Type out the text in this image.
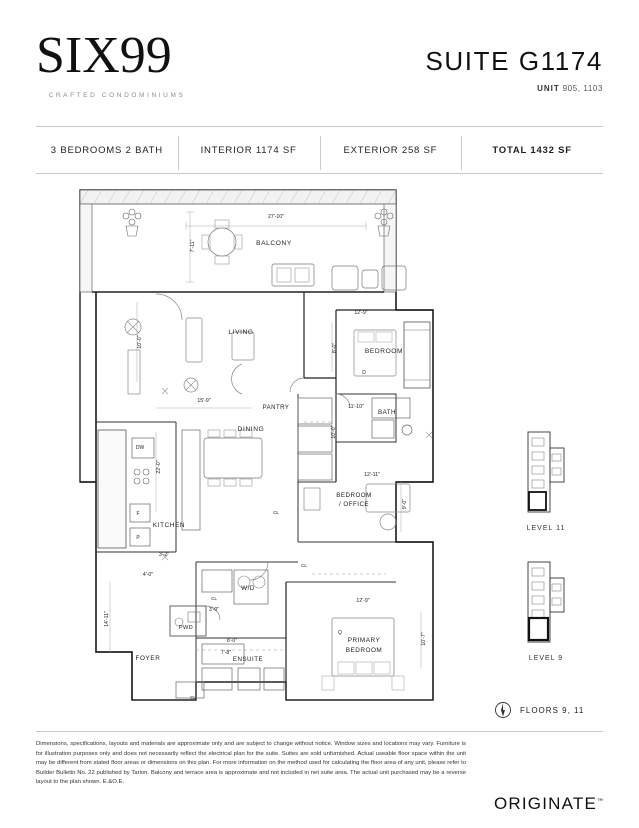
SIX99
CRAFTED CONDOMINIUMS
SUITE G1174
UNIT 905, 1103
3 BEDROOMS 2 BATH	INTERIOR 1174 SF	EXTERIOR 258 SF	TOTAL 1432 SF
BALCONY
LIVING
BEDROOM
PANTRY
DINING
BATH
KITCHEN
BEDROOM
/ OFFICE
W/D
PWD
ENSUITE
PRIMARY
BEDROOM
FOYER
DW
F
P
D
Q
CL
CL
CL
CL
27'-10"
7'-11"
10'-0"
15'-9"
12'-9"
8'-0"
11'-10"
10'-0"
12'-11"
9'-0"
22'-0"
3'-2"
4'-0"
14'-11"
3'-0"
8'-0"
7'-8"
12'-9"
10'-7"
LEVEL 11
LEVEL 9
FLOORS 9, 11
Dimensions, specifications, layouts and materials are approximate only and are subject to change without notice. Window sizes and locations may vary. Furniture is for illustration purposes only and does not necessarily reflect the electrical plan for the suite. Suites are sold unfurnished. Actual useable floor space within the unit may be different from stated floor areas or dimensions on this plan. For more information on the method used for calculating the floor area of any unit, please refer to Builder Bulletin No. 22 published by Tarion. Balcony and terrace area is approximate and not included in net suite area. The actual unit purchased may be a reverse layout to the plan shown. E.&O.E.
ORIGINATE™
